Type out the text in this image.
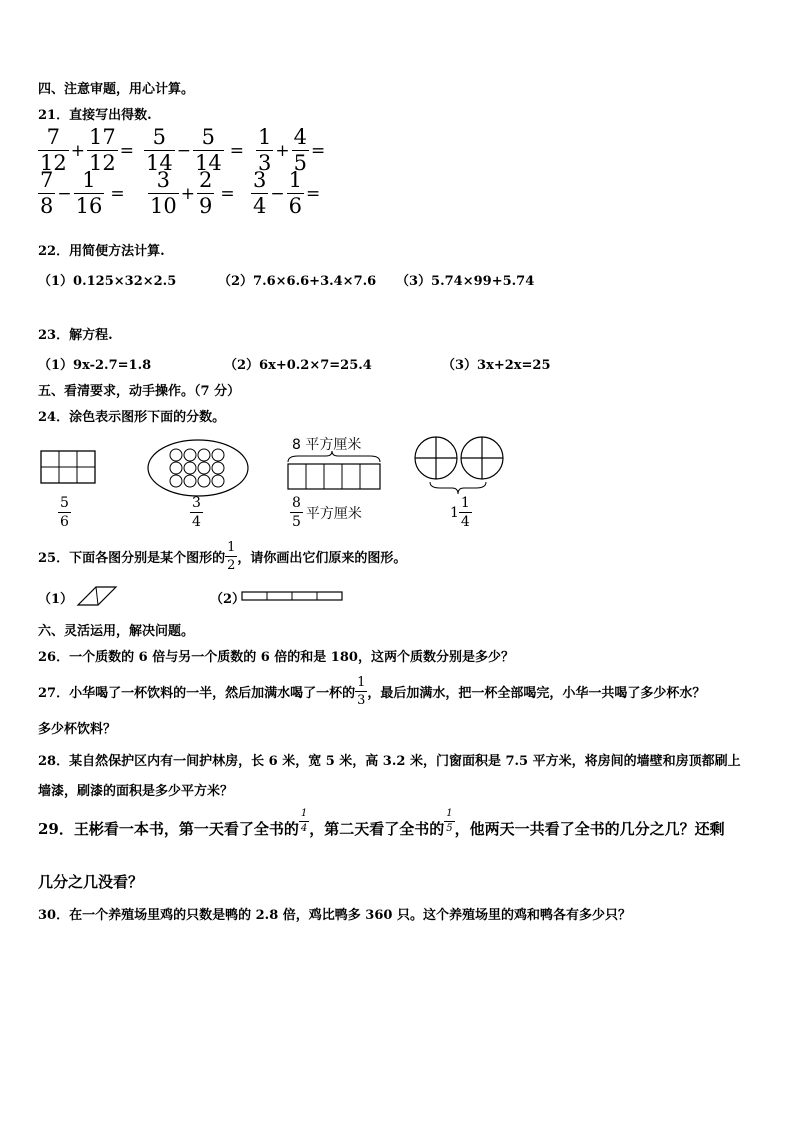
四、注意审题，用心计算。
21．直接写出得数.
$\frac{7}{12} + \frac{17}{12} = \frac{5}{14} - \frac{5}{14} = \frac{1}{3} + \frac{4}{5}$ =
$\frac{7}{8} - \frac{1}{16} = \frac{3}{10} + \frac{2}{9} = \frac{3}{4} - \frac{1}{6}$ =
22．用简便方法计算.
（1）0.125×32×2.5	（2）7.6×6.6+3.4×7.6 （3）5.74×99+5.74
23．解方程.
（1）9x-2.7=1.8	（2）6x+0.2×7=25.4	（3）3x+2x=25
五、看清要求，动手操作。（7 分）
24．涂色表示图形下面的分数。
$\frac{5}{6}$	$\frac{3}{4}$
8 平方厘米
$\frac{8}{5}$ 平方厘米	$1 \frac{1}{4}$
25．下面各图分别是某个图形的 $\frac{1}{2}$ ，请你画出它们原来的图形。
（1）	（2）
六、灵活运用，解决问题。
26．一个质数的 6 倍与另一个质数的 6 倍的和是 180，这两个质数分别是多少？
27．小华喝了一杯饮料的一半，然后加满水喝了一杯的 $\frac{1}{3}$ ，最后加满水，把一杯全部喝完，小华一共喝了多少杯水？
多少杯饮料？
28．某自然保护区内有一间护林房，长 6 米，宽 5 米，高 3.2 米，门窗面积是 7.5 平方米，将房间的墙壁和房顶都刷上
墙漆，刷漆的面积是多少平方米？
29．王彬看一本书，第一天看了全书的 $\frac{1}{4}$ ，第二天看了全书的 $\frac{1}{5}$ ，他两天一共看了全书的几分之几？还剩
几分之几没看？
30．在一个养殖场里鸡的只数是鸭的 2.8 倍，鸡比鸭多 360 只。这个养殖场里的鸡和鸭各有多少只？
